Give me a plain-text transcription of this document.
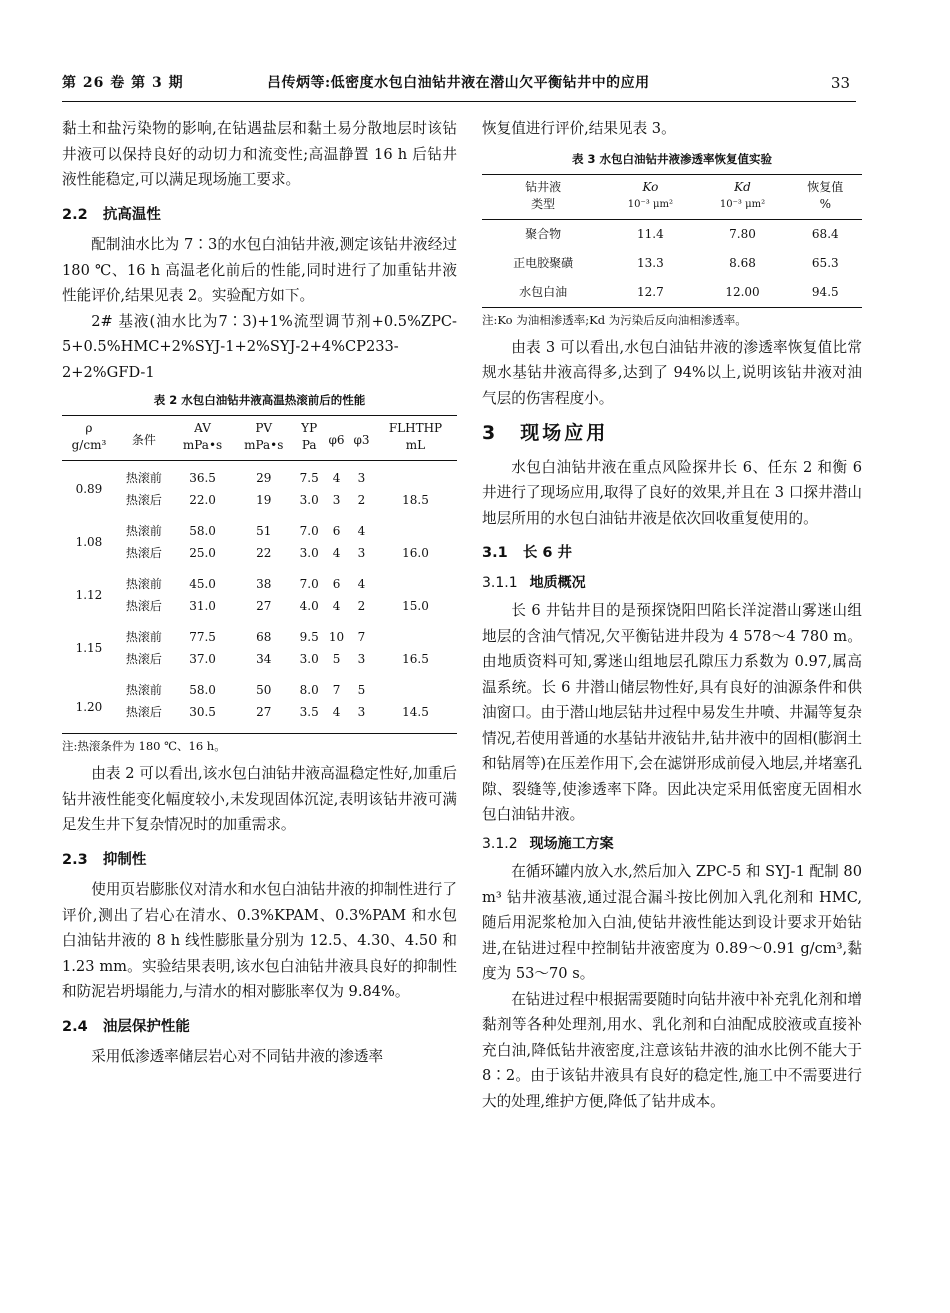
第 26 卷 第 3 期	吕传炳等:低密度水包白油钻井液在潜山欠平衡钻井中的应用	33

黏土和盐污染物的影响,在钻遇盐层和黏土易分散地层时该钻井液可以保持良好的动切力和流变性;高温静置 16 h 后钻井液性能稳定,可以满足现场施工要求。

2.2 抗高温性

配制油水比为 7∶3的水包白油钻井液,测定该钻井液经过 180 ℃、16 h 高温老化前后的性能,同时进行了加重钻井液性能评价,结果见表 2。实验配方如下。

2# 基液(油水比为7∶3)+1%流型调节剂+0.5%ZPC-5+0.5%HMC+2%SYJ-1+2%SYJ-2+4%CP233-2+2%GFD-1

表 2 水包白油钻井液高温热滚前后的性能
ρ	条件	AV	PV	YP	φ6	φ3	FLHTHP
g/cm³		mPa•s	mPa•s	Pa			mL
0.89	热滚前	36.5	29	7.5	4	3	
	热滚后	22.0	19	3.0	3	2	18.5
1.08	热滚前	58.0	51	7.0	6	4	
	热滚后	25.0	22	3.0	4	3	16.0
1.12	热滚前	45.0	38	7.0	6	4	
	热滚后	31.0	27	4.0	4	2	15.0
1.15	热滚前	77.5	68	9.5	10	7	
	热滚后	37.0	34	3.0	5	3	16.5
1.20	热滚前	58.0	50	8.0	7	5	
	热滚后	30.5	27	3.5	4	3	14.5
注:热滚条件为 180 ℃、16 h。

由表 2 可以看出,该水包白油钻井液高温稳定性好,加重后钻井液性能变化幅度较小,未发现固体沉淀,表明该钻井液可满足发生井下复杂情况时的加重需求。

2.3 抑制性

使用页岩膨胀仪对清水和水包白油钻井液的抑制性进行了评价,测出了岩心在清水、0.3%KPAM、0.3%PAM 和水包白油钻井液的 8 h 线性膨胀量分别为 12.5、4.30、4.50 和 1.23 mm。实验结果表明,该水包白油钻井液具良好的抑制性和防泥岩坍塌能力,与清水的相对膨胀率仅为 9.84%。

2.4 油层保护性能

采用低渗透率储层岩心对不同钻井液的渗透率

恢复值进行评价,结果见表 3。

表 3 水包白油钻井液渗透率恢复值实验
钻井液	Ko	Kd	恢复值
类型	10⁻³ μm²	10⁻³ μm²	%
聚合物	11.4	7.80	68.4
正电胶聚磺	13.3	8.68	65.3
水包白油	12.7	12.00	94.5
注:Ko 为油相渗透率;Kd 为污染后反向油相渗透率。

由表 3 可以看出,水包白油钻井液的渗透率恢复值比常规水基钻井液高得多,达到了 94%以上,说明该钻井液对油气层的伤害程度小。

3 现场应用

水包白油钻井液在重点风险探井长 6、任东 2 和衡 6 井进行了现场应用,取得了良好的效果,并且在 3 口探井潜山地层所用的水包白油钻井液是依次回收重复使用的。

3.1 长 6 井
3.1.1 地质概况

长 6 井钻井目的是预探饶阳凹陷长洋淀潜山雾迷山组地层的含油气情况,欠平衡钻进井段为 4 578～4 780 m。由地质资料可知,雾迷山组地层孔隙压力系数为 0.97,属高温系统。长 6 井潜山储层物性好,具有良好的油源条件和供油窗口。由于潜山地层钻井过程中易发生井喷、井漏等复杂情况,若使用普通的水基钻井液钻井,钻井液中的固相(膨润土和钻屑等)在压差作用下,会在滤饼形成前侵入地层,并堵塞孔隙、裂缝等,使渗透率下降。因此决定采用低密度无固相水包白油钻井液。

3.1.2 现场施工方案

在循环罐内放入水,然后加入 ZPC-5 和 SYJ-1 配制 80 m³ 钻井液基液,通过混合漏斗按比例加入乳化剂和 HMC,随后用泥浆枪加入白油,使钻井液性能达到设计要求开始钻进,在钻进过程中控制钻井液密度为 0.89～0.91 g/cm³,黏度为 53～70 s。

在钻进过程中根据需要随时向钻井液中补充乳化剂和增黏剂等各种处理剂,用水、乳化剂和白油配成胶液或直接补充白油,降低钻井液密度,注意该钻井液的油水比例不能大于 8∶2。由于该钻井液具有良好的稳定性,施工中不需要进行大的处理,维护方便,降低了钻井成本。
